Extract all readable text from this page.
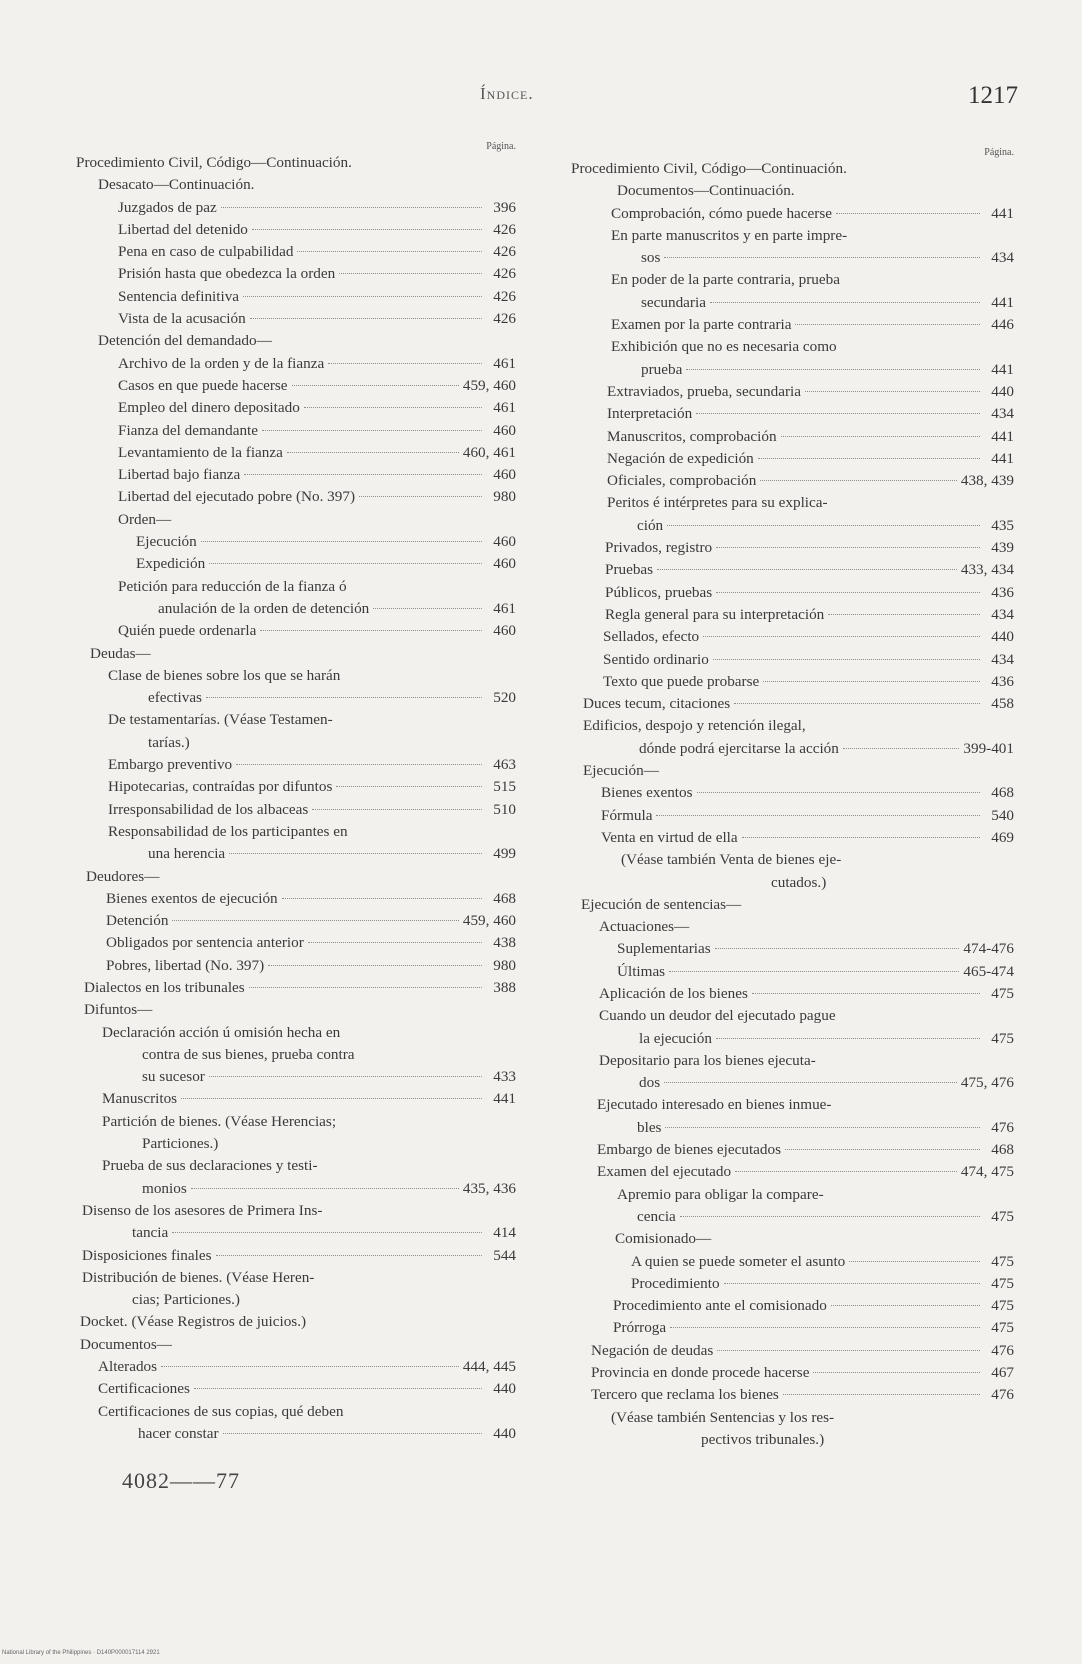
Índice.	1217
Página.
Procedimiento Civil, Código—Continuación.
Desacato—Continuación.
Juzgados de paz	396
Libertad del detenido	426
Pena en caso de culpabilidad	426
Prisión hasta que obedezca la orden	426
Sentencia definitiva	426
Vista de la acusación	426
Detención del demandado—
Archivo de la orden y de la fianza	461
Casos en que puede hacerse	459, 460
Empleo del dinero depositado	461
Fianza del demandante	460
Levantamiento de la fianza	460, 461
Libertad bajo fianza	460
Libertad del ejecutado pobre (No. 397)	980
Orden—
Ejecución	460
Expedición	460
Petición para reducción de la fianza ó
anulación de la orden de detención	461
Quién puede ordenarla	460
Deudas—
Clase de bienes sobre los que se harán
efectivas	520
De testamentarías. (Véase Testamen-
tarías.)
Embargo preventivo	463
Hipotecarias, contraídas por difuntos	515
Irresponsabilidad de los albaceas	510
Responsabilidad de los participantes en
una herencia	499
Deudores—
Bienes exentos de ejecución	468
Detención	459, 460
Obligados por sentencia anterior	438
Pobres, libertad (No. 397)	980
Dialectos en los tribunales	388
Difuntos—
Declaración acción ú omisión hecha en
contra de sus bienes, prueba contra
su sucesor	433
Manuscritos	441
Partición de bienes. (Véase Herencias;
Particiones.)
Prueba de sus declaraciones y testi-
monios	435, 436
Disenso de los asesores de Primera Ins-
tancia	414
Disposiciones finales	544
Distribución de bienes. (Véase Heren-
cias; Particiones.)
Docket. (Véase Registros de juicios.)
Documentos—
Alterados	444, 445
Certificaciones	440
Certificaciones de sus copias, qué deben
hacer constar	440
Página.
Procedimiento Civil, Código—Continuación.
Documentos—Continuación.
Comprobación, cómo puede hacerse	441
En parte manuscritos y en parte impre-
sos	434
En poder de la parte contraria, prueba
secundaria	441
Examen por la parte contraria	446
Exhibición que no es necesaria como
prueba	441
Extraviados, prueba, secundaria	440
Interpretación	434
Manuscritos, comprobación	441
Negación de expedición	441
Oficiales, comprobación	438, 439
Peritos é intérpretes para su explica-
ción	435
Privados, registro	439
Pruebas	433, 434
Públicos, pruebas	436
Regla general para su interpretación	434
Sellados, efecto	440
Sentido ordinario	434
Texto que puede probarse	436
Duces tecum, citaciones	458
Edificios, despojo y retención ilegal,
dónde podrá ejercitarse la acción	399-401
Ejecución—
Bienes exentos	468
Fórmula	540
Venta en virtud de ella	469
(Véase también Venta de bienes eje-
cutados.)
Ejecución de sentencias—
Actuaciones—
Suplementarias	474-476
Últimas	465-474
Aplicación de los bienes	475
Cuando un deudor del ejecutado pague
la ejecución	475
Depositario para los bienes ejecuta-
dos	475, 476
Ejecutado interesado en bienes inmue-
bles	476
Embargo de bienes ejecutados	468
Examen del ejecutado	474, 475
Apremio para obligar la compare-
cencia	475
Comisionado—
A quien se puede someter el asunto	475
Procedimiento	475
Procedimiento ante el comisionado	475
Prórroga	475
Negación de deudas	476
Provincia en donde procede hacerse	467
Tercero que reclama los bienes	476
(Véase también Sentencias y los res-
pectivos tribunales.)
4082——77
National Library of the Philippines · D140P000017114 2921
